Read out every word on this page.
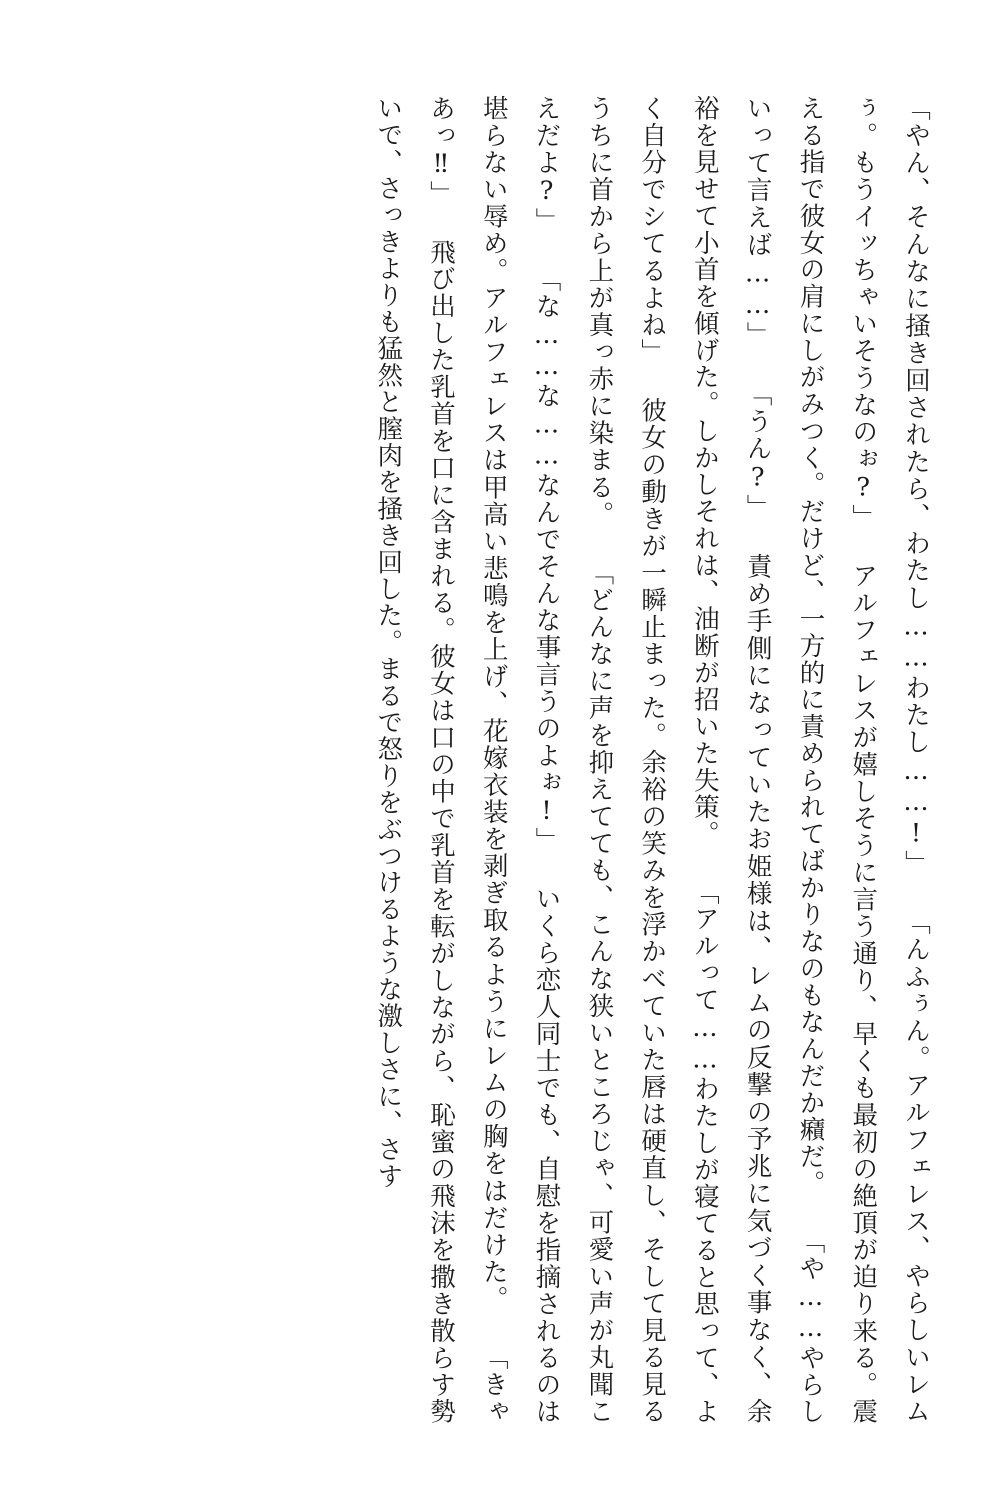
「やん、そんなに掻き回されたら、わたし……わたし……!」 「んふぅん。アルフェレス、やらしいレムぅ。もうイッちゃいそうなのぉ?」 アルフェレスが嬉しそうに言う通り、早くも最初の絶頂が迫り来る。震える指で彼女の肩にしがみつく。だけど、一方的に責められてばかりなのもなんだか癪だ。 「や……やらしいって言えば……」 「うん?」 責め手側になっていたお姫様は、レムの反撃の予兆に気づく事なく、余裕を見せて小首を傾げた。しかしそれは、油断が招いた失策。 「アルって……わたしが寝てると思って、よく自分でシてるよね」 彼女の動きが一瞬止まった。余裕の笑みを浮かべていた唇は硬直し、そして見る見るうちに首から上が真っ赤に染まる。 「どんなに声を抑えてても、こんな狭いところじゃ、可愛い声が丸聞こえだよ?」 「な……な……なんでそんな事言うのよぉ!」 いくら恋人同士でも、自慰を指摘されるのは堪らない辱め。アルフェレスは甲高い悲鳴を上げ、花嫁衣装を剥ぎ取るようにレムの胸をはだけた。 「きゃあっ‼」 飛び出した乳首を口に含まれる。彼女は口の中で乳首を転がしながら、恥蜜の飛沫を撒き散らす勢いで、さっきよりも猛然と膣肉を掻き回した。まるで怒りをぶつけるような激しさに、さす
